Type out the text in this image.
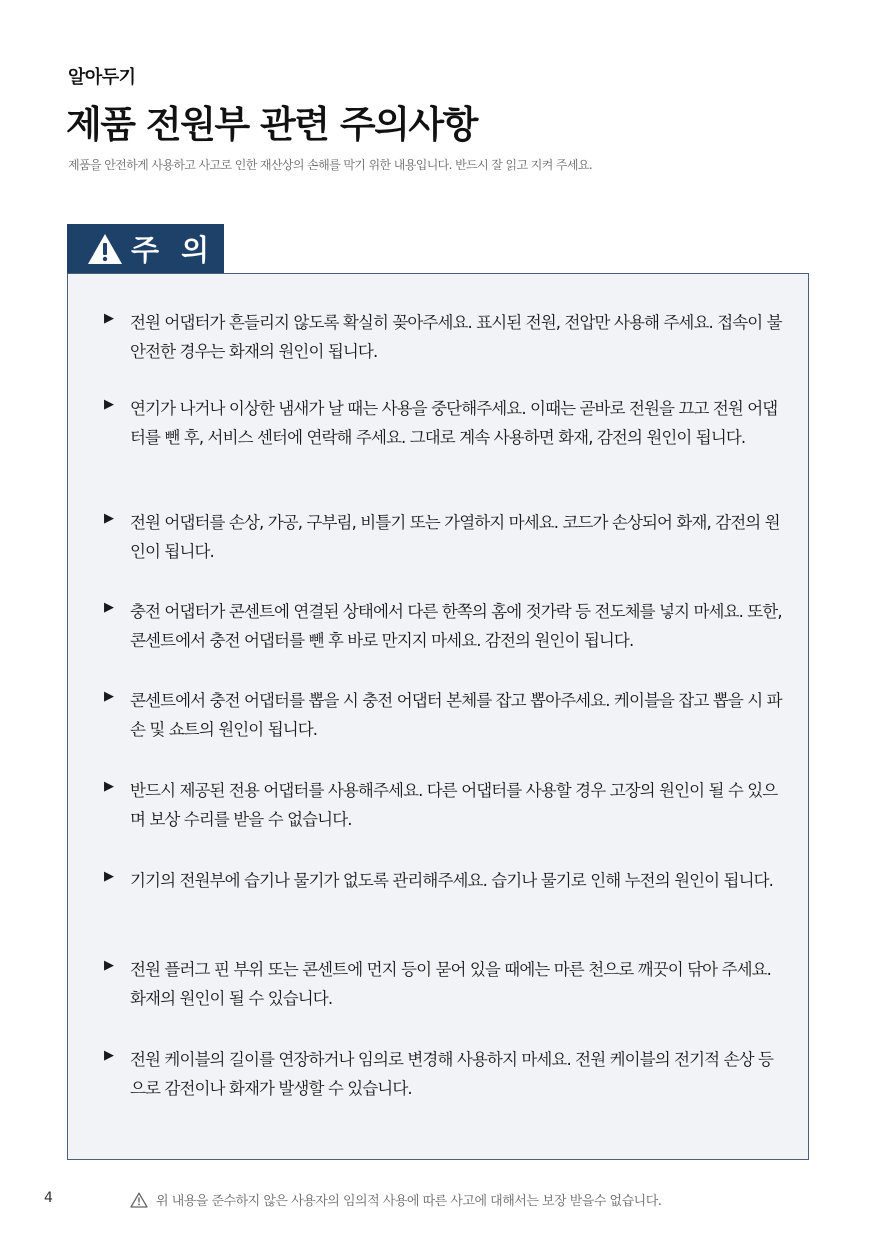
알아두기
제품 전원부 관련 주의사항
제품을 안전하게 사용하고 사고로 인한 재산상의 손해를 막기 위한 내용입니다. 반드시 잘 읽고 지켜 주세요.
주 의
▶ 전원 어댑터가 흔들리지 않도록 확실히 꽂아주세요. 표시된 전원, 전압만 사용해 주세요. 접속이 불안전한 경우는 화재의 원인이 됩니다.
▶ 연기가 나거나 이상한 냄새가 날 때는 사용을 중단해주세요. 이때는 곧바로 전원을 끄고 전원 어댑터를 뺀 후, 서비스 센터에 연락해 주세요. 그대로 계속 사용하면 화재, 감전의 원인이 됩니다.
▶ 전원 어댑터를 손상, 가공, 구부림, 비틀기 또는 가열하지 마세요. 코드가 손상되어 화재, 감전의 원인이 됩니다.
▶ 충전 어댑터가 콘센트에 연결된 상태에서 다른 한쪽의 홈에 젓가락 등 전도체를 넣지 마세요. 또한, 콘센트에서 충전 어댑터를 뺀 후 바로 만지지 마세요. 감전의 원인이 됩니다.
▶ 콘센트에서 충전 어댑터를 뽑을 시 충전 어댑터 본체를 잡고 뽑아주세요. 케이블을 잡고 뽑을 시 파손 및 쇼트의 원인이 됩니다.
▶ 반드시 제공된 전용 어댑터를 사용해주세요. 다른 어댑터를 사용할 경우 고장의 원인이 될 수 있으며 보상 수리를 받을 수 없습니다.
▶ 기기의 전원부에 습기나 물기가 없도록 관리해주세요. 습기나 물기로 인해 누전의 원인이 됩니다.
▶ 전원 플러그 핀 부위 또는 콘센트에 먼지 등이 묻어 있을 때에는 마른 천으로 깨끗이 닦아 주세요. 화재의 원인이 될 수 있습니다.
▶ 전원 케이블의 길이를 연장하거나 임의로 변경해 사용하지 마세요. 전원 케이블의 전기적 손상 등으로 감전이나 화재가 발생할 수 있습니다.
4	위 내용을 준수하지 않은 사용자의 임의적 사용에 따른 사고에 대해서는 보장 받을수 없습니다.
